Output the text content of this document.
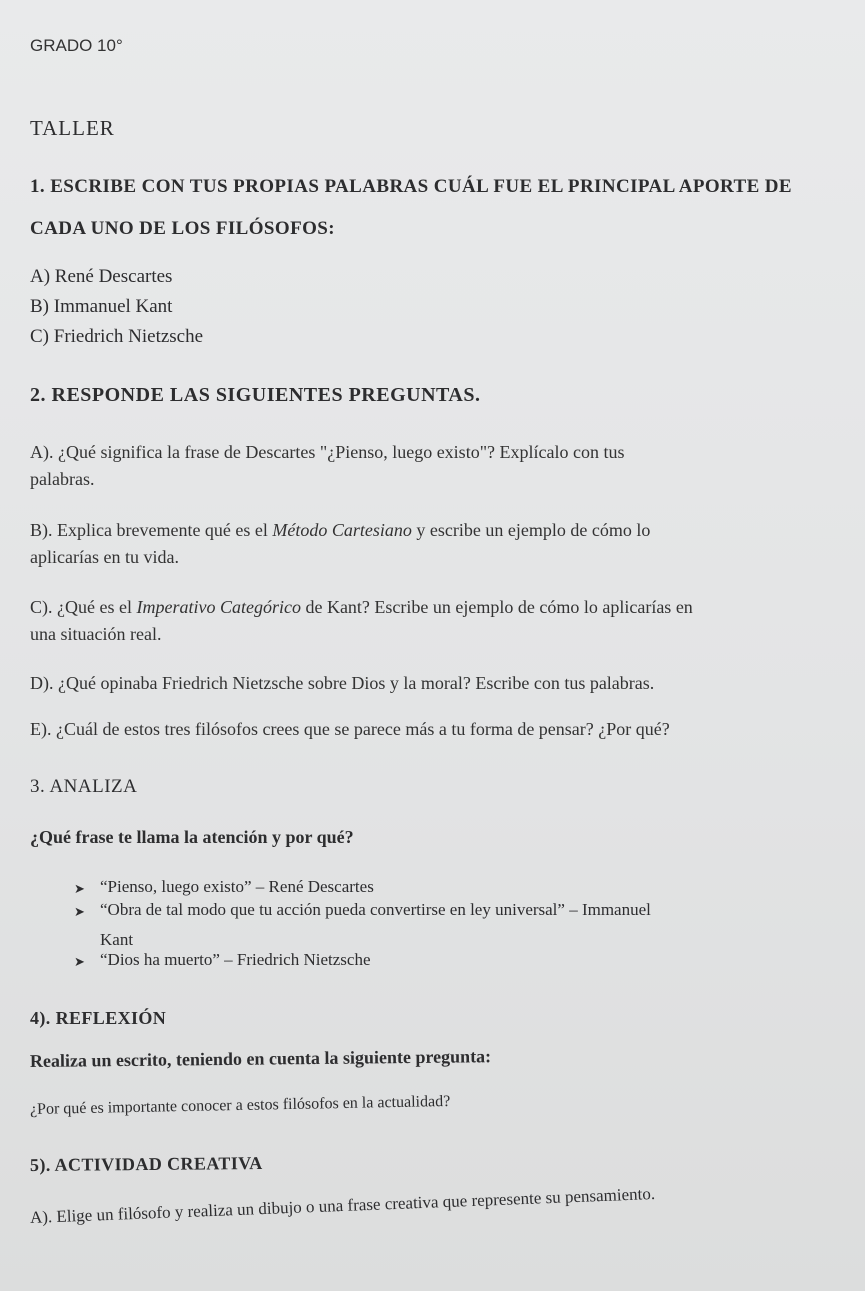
GRADO 10°
TALLER
1. ESCRIBE CON TUS PROPIAS PALABRAS CUÁL FUE EL PRINCIPAL APORTE DE
CADA UNO DE LOS FILÓSOFOS:
A) René Descartes
B) Immanuel Kant
C) Friedrich Nietzsche
2. RESPONDE LAS SIGUIENTES PREGUNTAS.
A). ¿Qué significa la frase de Descartes "¿Pienso, luego existo"? Explícalo con tus
palabras.
B). Explica brevemente qué es el Método Cartesiano y escribe un ejemplo de cómo lo
aplicarías en tu vida.
C). ¿Qué es el Imperativo Categórico de Kant? Escribe un ejemplo de cómo lo aplicarías en
una situación real.
D). ¿Qué opinaba Friedrich Nietzsche sobre Dios y la moral? Escribe con tus palabras.
E). ¿Cuál de estos tres filósofos crees que se parece más a tu forma de pensar? ¿Por qué?
3. ANALIZA
¿Qué frase te llama la atención y por qué?
➤ “Pienso, luego existo” – René Descartes
➤ “Obra de tal modo que tu acción pueda convertirse en ley universal” – Immanuel
Kant
➤ “Dios ha muerto” – Friedrich Nietzsche
4). REFLEXIÓN
Realiza un escrito, teniendo en cuenta la siguiente pregunta:
¿Por qué es importante conocer a estos filósofos en la actualidad?
5). ACTIVIDAD CREATIVA
A). Elige un filósofo y realiza un dibujo o una frase creativa que represente su pensamiento.
